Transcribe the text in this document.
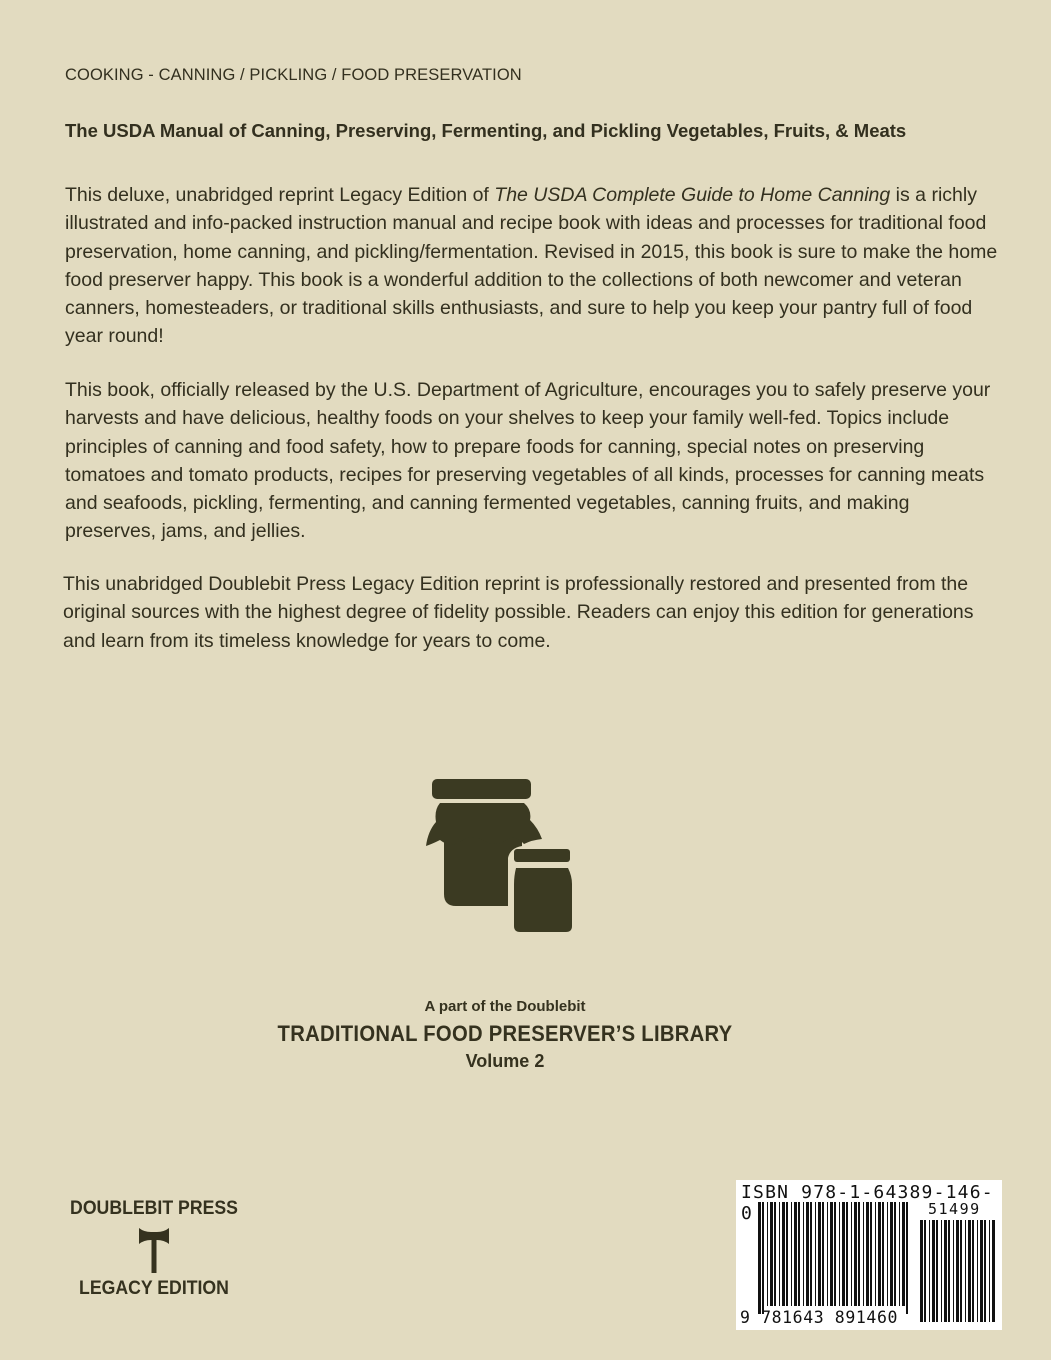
COOKING - CANNING / PICKLING / FOOD PRESERVATION
The USDA Manual of Canning, Preserving, Fermenting, and Pickling Vegetables, Fruits, & Meats

This deluxe, unabridged reprint Legacy Edition of The USDA Complete Guide to Home Canning is a richly illustrated and info-packed instruction manual and recipe book with ideas and processes for traditional food preservation, home canning, and pickling/fermentation. Revised in 2015, this book is sure to make the home food preserver happy. This book is a wonderful addition to the collections of both newcomer and veteran canners, homesteaders, or traditional skills enthusiasts, and sure to help you keep your pantry full of food year round!

This book, officially released by the U.S. Department of Agriculture, encourages you to safely preserve your harvests and have delicious, healthy foods on your shelves to keep your family well-fed. Topics include principles of canning and food safety, how to prepare foods for canning, special notes on preserving tomatoes and tomato products, recipes for preserving vegetables of all kinds, processes for canning meats and seafoods, pickling, fermenting, and canning fermented vegetables, canning fruits, and making preserves, jams, and jellies.

This unabridged Doublebit Press Legacy Edition reprint is professionally restored and presented from the original sources with the highest degree of fidelity possible. Readers can enjoy this edition for generations and learn from its timeless knowledge for years to come.

A part of the Doublebit
TRADITIONAL FOOD PRESERVER’S LIBRARY
Volume 2
DOUBLEBIT PRESS
LEGACY EDITION
ISBN 978-1-64389-146-0	51499
9 781643 891460
